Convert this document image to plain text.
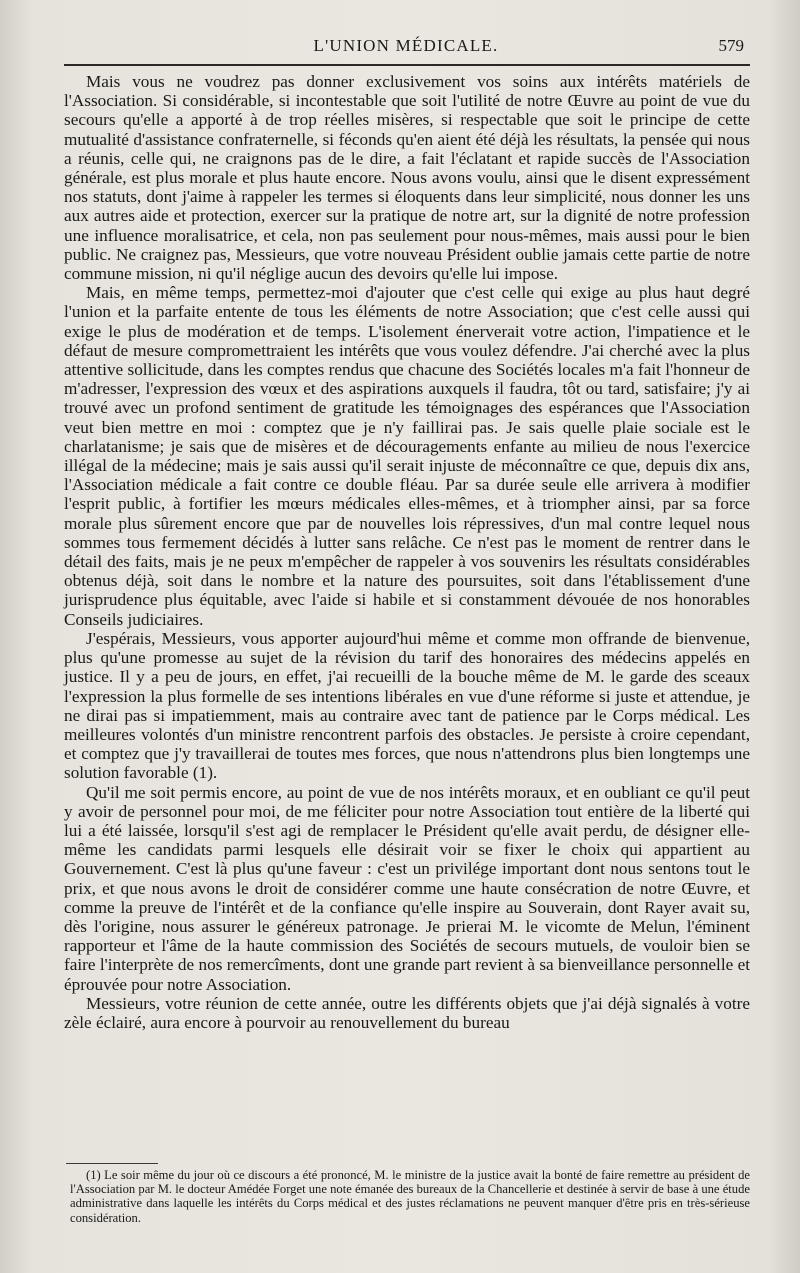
L'UNION MÉDICALE.	579

Mais vous ne voudrez pas donner exclusivement vos soins aux intérêts matériels de l'Association. Si considérable, si incontestable que soit l'utilité de notre Œuvre au point de vue du secours qu'elle a apporté à de trop réelles misères, si respectable que soit le principe de cette mutualité d'assistance confraternelle, si féconds qu'en aient été déjà les résultats, la pensée qui nous a réunis, celle qui, ne craignons pas de le dire, a fait l'éclatant et rapide succès de l'Association générale, est plus morale et plus haute encore. Nous avons voulu, ainsi que le disent expressément nos statuts, dont j'aime à rappeler les termes si éloquents dans leur simplicité, nous donner les uns aux autres aide et protection, exercer sur la pratique de notre art, sur la dignité de notre profession une influence moralisatrice, et cela, non pas seulement pour nous-mêmes, mais aussi pour le bien public. Ne craignez pas, Messieurs, que votre nouveau Président oublie jamais cette partie de notre commune mission, ni qu'il néglige aucun des devoirs qu'elle lui impose.

Mais, en même temps, permettez-moi d'ajouter que c'est celle qui exige au plus haut degré l'union et la parfaite entente de tous les éléments de notre Association; que c'est celle aussi qui exige le plus de modération et de temps. L'isolement énerverait votre action, l'impatience et le défaut de mesure compromettraient les intérêts que vous voulez défendre. J'ai cherché avec la plus attentive sollicitude, dans les comptes rendus que chacune des Sociétés locales m'a fait l'honneur de m'adresser, l'expression des vœux et des aspirations auxquels il faudra, tôt ou tard, satisfaire; j'y ai trouvé avec un profond sentiment de gratitude les témoignages des espérances que l'Association veut bien mettre en moi : comptez que je n'y faillirai pas. Je sais quelle plaie sociale est le charlatanisme; je sais que de misères et de découragements enfante au milieu de nous l'exercice illégal de la médecine; mais je sais aussi qu'il serait injuste de méconnaître ce que, depuis dix ans, l'Association médicale a fait contre ce double fléau. Par sa durée seule elle arrivera à modifier l'esprit public, à fortifier les mœurs médicales elles-mêmes, et à triompher ainsi, par sa force morale plus sûrement encore que par de nouvelles lois répressives, d'un mal contre lequel nous sommes tous fermement décidés à lutter sans relâche. Ce n'est pas le moment de rentrer dans le détail des faits, mais je ne peux m'empêcher de rappeler à vos souvenirs les résultats considérables obtenus déjà, soit dans le nombre et la nature des poursuites, soit dans l'établissement d'une jurisprudence plus équitable, avec l'aide si habile et si constamment dévouée de nos honorables Conseils judiciaires.

J'espérais, Messieurs, vous apporter aujourd'hui même et comme mon offrande de bienvenue, plus qu'une promesse au sujet de la révision du tarif des honoraires des médecins appelés en justice. Il y a peu de jours, en effet, j'ai recueilli de la bouche même de M. le garde des sceaux l'expression la plus formelle de ses intentions libérales en vue d'une réforme si juste et attendue, je ne dirai pas si impatiemment, mais au contraire avec tant de patience par le Corps médical. Les meilleures volontés d'un ministre rencontrent parfois des obstacles. Je persiste à croire cependant, et comptez que j'y travaillerai de toutes mes forces, que nous n'attendrons plus bien longtemps une solution favorable (1).

Qu'il me soit permis encore, au point de vue de nos intérêts moraux, et en oubliant ce qu'il peut y avoir de personnel pour moi, de me féliciter pour notre Association tout entière de la liberté qui lui a été laissée, lorsqu'il s'est agi de remplacer le Président qu'elle avait perdu, de désigner elle-même les candidats parmi lesquels elle désirait voir se fixer le choix qui appartient au Gouvernement. C'est là plus qu'une faveur : c'est un privilége important dont nous sentons tout le prix, et que nous avons le droit de considérer comme une haute consécration de notre Œuvre, et comme la preuve de l'intérêt et de la confiance qu'elle inspire au Souverain, dont Rayer avait su, dès l'origine, nous assurer le généreux patronage. Je prierai M. le vicomte de Melun, l'éminent rapporteur et l'âme de la haute commission des Sociétés de secours mutuels, de vouloir bien se faire l'interprète de nos remercîments, dont une grande part revient à sa bienveillance personnelle et éprouvée pour notre Association.

Messieurs, votre réunion de cette année, outre les différents objets que j'ai déjà signalés à votre zèle éclairé, aura encore à pourvoir au renouvellement du bureau

(1) Le soir même du jour où ce discours a été prononcé, M. le ministre de la justice avait la bonté de faire remettre au président de l'Association par M. le docteur Amédée Forget une note émanée des bureaux de la Chancellerie et destinée à servir de base à une étude administrative dans laquelle les intérêts du Corps médical et des justes réclamations ne peuvent manquer d'être pris en très-sérieuse considération.
